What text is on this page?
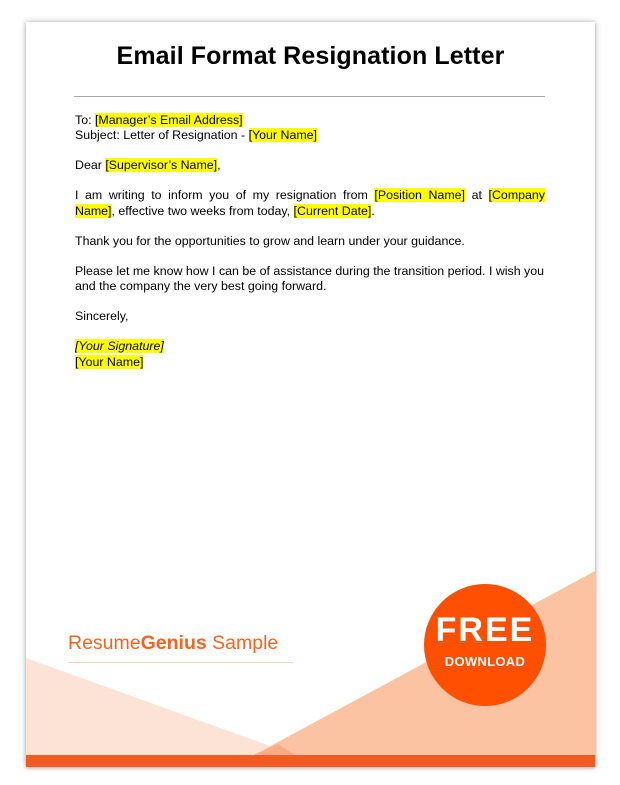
Email Format Resignation Letter

To: [Manager’s Email Address]
Subject: Letter of Resignation - [Your Name]

Dear [Supervisor’s Name],

I am writing to inform you of my resignation from [Position Name] at [Company Name], effective two weeks from today, [Current Date].

Thank you for the opportunities to grow and learn under your guidance.

Please let me know how I can be of assistance during the transition period. I wish you and the company the very best going forward.

Sincerely,

[Your Signature]
[Your Name]

ResumeGenius Sample	FREE
DOWNLOAD
